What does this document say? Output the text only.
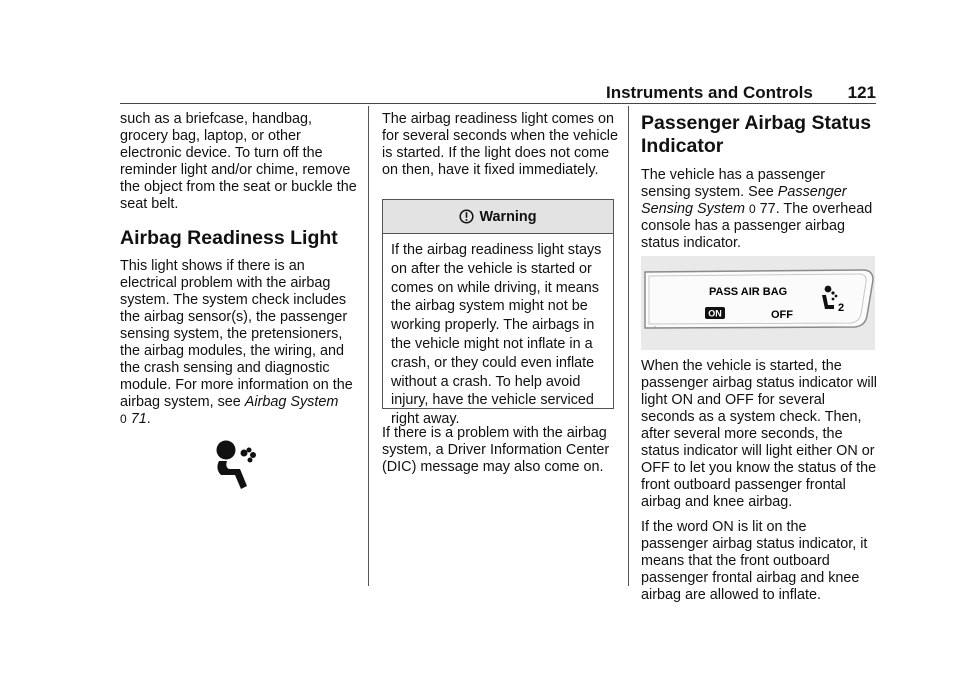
Instruments and Controls 121

such as a briefcase, handbag, grocery bag, laptop, or other electronic device. To turn off the reminder light and/or chime, remove the object from the seat or buckle the seat belt.

Airbag Readiness Light

This light shows if there is an electrical problem with the airbag system. The system check includes the airbag sensor(s), the passenger sensing system, the pretensioners, the airbag modules, the wiring, and the crash sensing and diagnostic module. For more information on the airbag system, see Airbag System
0 71.

The airbag readiness light comes on for several seconds when the vehicle is started. If the light does not come on then, have it fixed immediately.

Warning
If the airbag readiness light stays on after the vehicle is started or comes on while driving, it means the airbag system might not be working properly. The airbags in the vehicle might not inflate in a crash, or they could even inflate without a crash. To help avoid injury, have the vehicle serviced right away.

If there is a problem with the airbag system, a Driver Information Center (DIC) message may also come on.

Passenger Airbag Status Indicator

The vehicle has a passenger sensing system. See Passenger Sensing System 0 77. The overhead console has a passenger airbag status indicator.

PASS AIR BAG
ON	OFF
2

When the vehicle is started, the passenger airbag status indicator will light ON and OFF for several seconds as a system check. Then, after several more seconds, the status indicator will light either ON or OFF to let you know the status of the front outboard passenger frontal airbag and knee airbag.

If the word ON is lit on the passenger airbag status indicator, it means that the front outboard passenger frontal airbag and knee airbag are allowed to inflate.
